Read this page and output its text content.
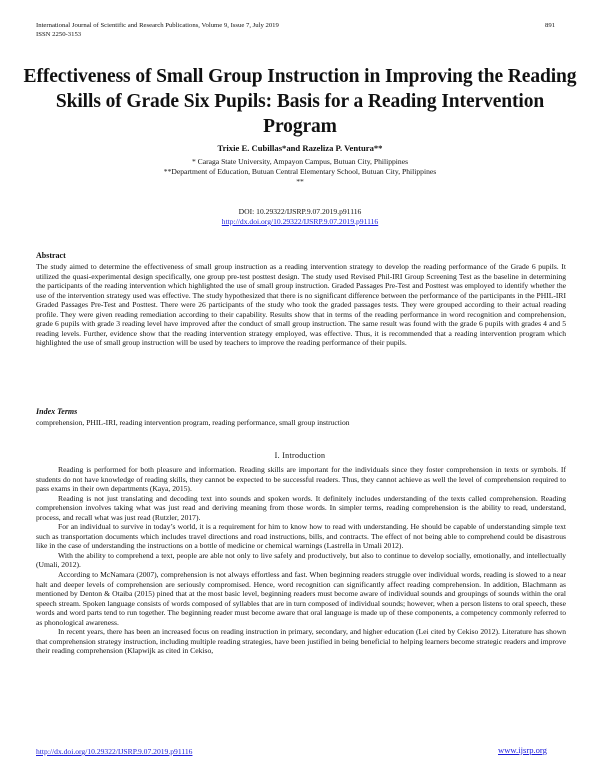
International Journal of Scientific and Research Publications, Volume 9, Issue 7, July 2019
ISSN 2250-3153
891
Effectiveness of Small Group Instruction in Improving the Reading Skills of Grade Six Pupils: Basis for a Reading Intervention Program
Trixie E. Cubillas*and Razeliza P. Ventura**
* Caraga State University, Ampayon Campus, Butuan City, Philippines
**Department of Education, Butuan Central Elementary School, Butuan City, Philippines
**
DOI: 10.29322/IJSRP.9.07.2019.p91116
http://dx.doi.org/10.29322/IJSRP.9.07.2019.p91116
Abstract

The study aimed to determine the effectiveness of small group instruction as a reading intervention strategy to develop the reading performance of the Grade 6 pupils. It utilized the quasi-experimental design specifically, one group pre-test posttest design. The study used Revised Phil-IRI Group Screening Test as the baseline in determining the participants of the reading intervention which highlighted the use of small group instruction. Graded Passages Pre-Test and Posttest was employed to identify whether the use of the intervention strategy used was effective. The study hypothesized that there is no significant difference between the performance of the participants in the PHIL-IRI Graded Passages Pre-Test and Posttest. There were 26 participants of the study who took the graded passages tests. They were grouped according to their actual reading profile. They were given reading remediation according to their capability. Results show that in terms of the reading performance in word recognition and comprehension, grade 6 pupils with grade 3 reading level have improved after the conduct of small group instruction. The same result was found with the grade 6 pupils with grades 4 and 5 reading levels. Further, evidence show that the reading intervention strategy employed, was effective. Thus, it is recommended that a reading intervention program which highlighted the use of small group instruction will be used by teachers to improve the reading performance of their pupils.

Index Terms
comprehension, PHIL-IRI, reading intervention program, reading performance, small group instruction
I. Introduction

Reading is performed for both pleasure and information. Reading skills are important for the individuals since they foster comprehension in texts or symbols. If students do not have knowledge of reading skills, they cannot be expected to be successful readers. Thus, they cannot achieve as well the level of comprehension required to pass exams in their own departments (Kaya, 2015).

Reading is not just translating and decoding text into sounds and spoken words. It definitely includes understanding of the texts called comprehension. Reading comprehension involves taking what was just read and deriving meaning from those words. In simpler terms, reading comprehension is the ability to read, understand, process, and recall what was just read (Rutzler, 2017).

For an individual to survive in today’s world, it is a requirement for him to know how to read with understanding. He should be capable of understanding simple text such as transportation documents which includes travel directions and road instructions, bills, and contracts. The effect of not being able to comprehend could be disastrous like in the case of understanding the instructions on a bottle of medicine or chemical warnings (Lastrella in Umali 2012).

With the ability to comprehend a text, people are able not only to live safely and productively, but also to continue to develop socially, emotionally, and intellectually (Umali, 2012).

According to McNamara (2007), comprehension is not always effortless and fast. When beginning readers struggle over individual words, reading is slowed to a near halt and deeper levels of comprehension are seriously compromised. Hence, word recognition can significantly affect reading comprehension. In addition, Blachmann as mentioned by Denton & Otaiba (2015) pined that at the most basic level, beginning readers must become aware of individual sounds and groupings of sounds within the oral speech stream. Spoken language consists of words composed of syllables that are in turn composed of individual sounds; however, when a person listens to oral speech, these words and word parts tend to run together. The beginning reader must become aware that oral language is made up of these components, a competency commonly referred to as phonological awareness.

In recent years, there has been an increased focus on reading instruction in primary, secondary, and higher education (Lei cited by Cekiso 2012). Literature has shown that comprehension strategy instruction, including multiple reading strategies, have been justified in being beneficial to helping learners become strategic readers and improve their reading comprehension (Klapwijk as cited in Cekiso,

http://dx.doi.org/10.29322/IJSRP.9.07.2019.p91116	www.ijsrp.org
